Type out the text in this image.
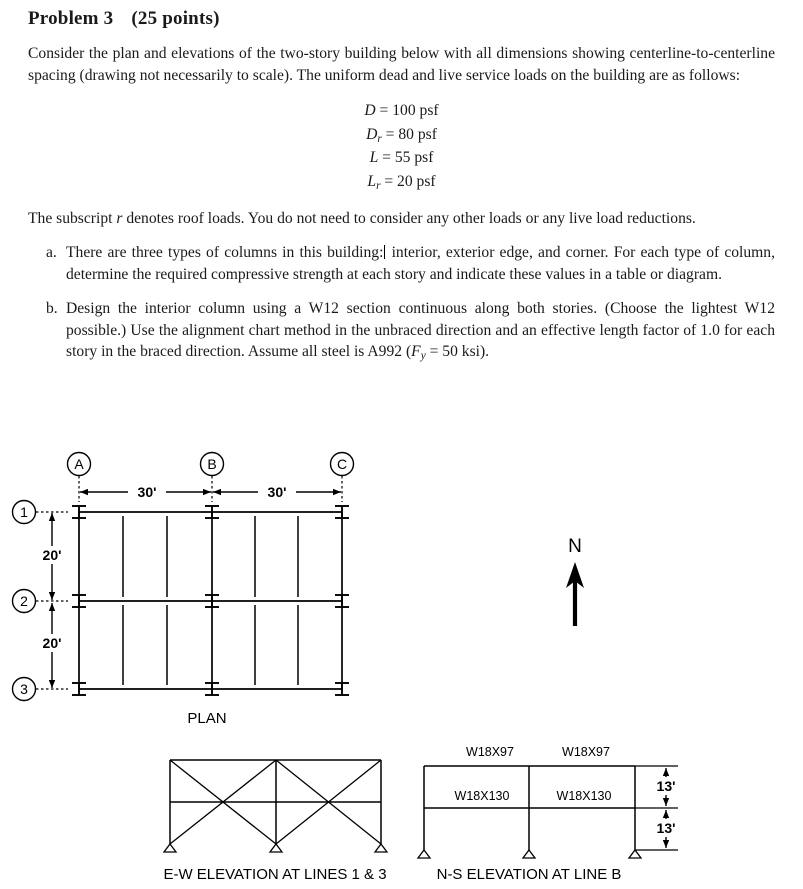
Problem 3 (25 points)
Consider the plan and elevations of the two-story building below with all dimensions showing centerline-to-centerline spacing (drawing not necessarily to scale). The uniform dead and live service loads on the building are as follows:
D = 100 psf
$D_r = 80$ psf
L = 55 psf
$L_r = 20$ psf
The subscript r denotes roof loads. You do not need to consider any other loads or any live load reductions.
a. There are three types of columns in this building: interior, exterior edge, and corner. For each type of column, determine the required compressive strength at each story and indicate these values in a table or diagram.
b. Design the interior column using a W12 section continuous along both stories. (Choose the lightest W12 possible.) Use the alignment chart method in the unbraced direction and an effective length factor of 1.0 for each story in the braced direction. Assume all steel is A992 ($F_y = 50$ ksi).
A	B	C
30'	30'
1
2
3
20'
20'
PLAN
N
E-W ELEVATION AT LINES 1 & 3
W18X97	W18X97
W18X130	W18X130
13'
13'
N-S ELEVATION AT LINE B
